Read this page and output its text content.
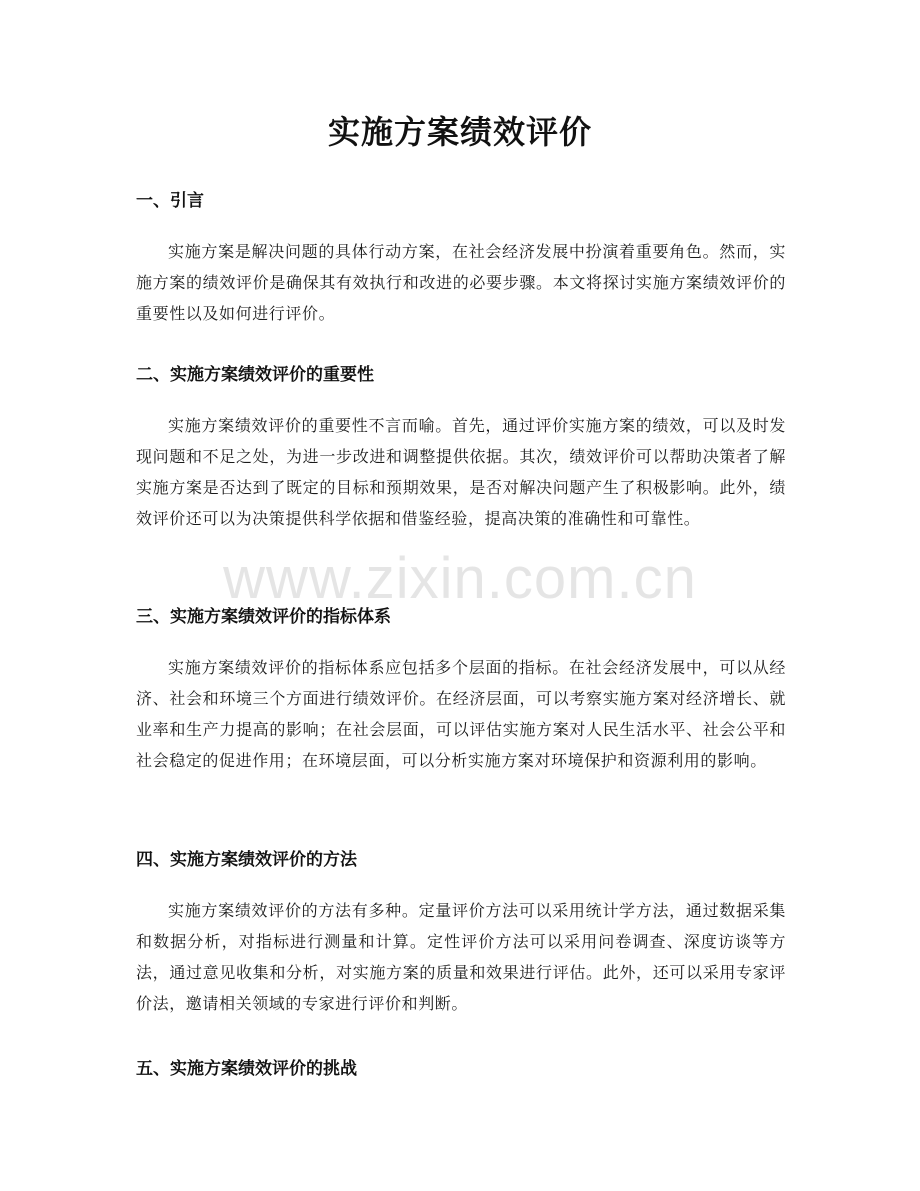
实施方案绩效评价
一、引言

实施方案是解决问题的具体行动方案，在社会经济发展中扮演着重要角色。然而，实施方案的绩效评价是确保其有效执行和改进的必要步骤。本文将探讨实施方案绩效评价的重要性以及如何进行评价。

二、实施方案绩效评价的重要性

实施方案绩效评价的重要性不言而喻。首先，通过评价实施方案的绩效，可以及时发现问题和不足之处，为进一步改进和调整提供依据。其次，绩效评价可以帮助决策者了解实施方案是否达到了既定的目标和预期效果，是否对解决问题产生了积极影响。此外，绩效评价还可以为决策提供科学依据和借鉴经验，提高决策的准确性和可靠性。

三、实施方案绩效评价的指标体系

实施方案绩效评价的指标体系应包括多个层面的指标。在社会经济发展中，可以从经济、社会和环境三个方面进行绩效评价。在经济层面，可以考察实施方案对经济增长、就业率和生产力提高的影响；在社会层面，可以评估实施方案对人民生活水平、社会公平和社会稳定的促进作用；在环境层面，可以分析实施方案对环境保护和资源利用的影响。

四、实施方案绩效评价的方法

实施方案绩效评价的方法有多种。定量评价方法可以采用统计学方法，通过数据采集和数据分析，对指标进行测量和计算。定性评价方法可以采用问卷调查、深度访谈等方法，通过意见收集和分析，对实施方案的质量和效果进行评估。此外，还可以采用专家评价法，邀请相关领域的专家进行评价和判断。

五、实施方案绩效评价的挑战
www.zixin.com.cn
